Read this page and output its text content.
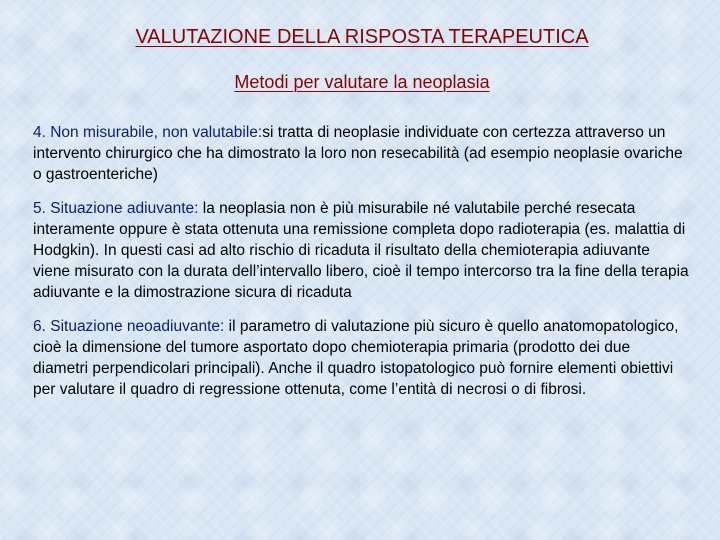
VALUTAZIONE DELLA RISPOSTA TERAPEUTICA
Metodi per valutare la neoplasia

4. Non misurabile, non valutabile:si tratta di neoplasie individuate con certezza attraverso un intervento chirurgico che ha dimostrato la loro non resecabilità (ad esempio neoplasie ovariche o gastroenteriche)

5. Situazione adiuvante: la neoplasia non è più misurabile né valutabile perché resecata interamente oppure è stata ottenuta una remissione completa dopo radioterapia (es. malattia di Hodgkin). In questi casi ad alto rischio di ricaduta il risultato della chemioterapia adiuvante viene misurato con la durata dell’intervallo libero, cioè il tempo intercorso tra la fine della terapia adiuvante e la dimostrazione sicura di ricaduta

6. Situazione neoadiuvante: il parametro di valutazione più sicuro è quello anatomopatologico, cioè la dimensione del tumore asportato dopo chemioterapia primaria (prodotto dei due diametri perpendicolari principali). Anche il quadro istopatologico può fornire elementi obiettivi per valutare il quadro di regressione ottenuta, come l’entità di necrosi o di fibrosi.
